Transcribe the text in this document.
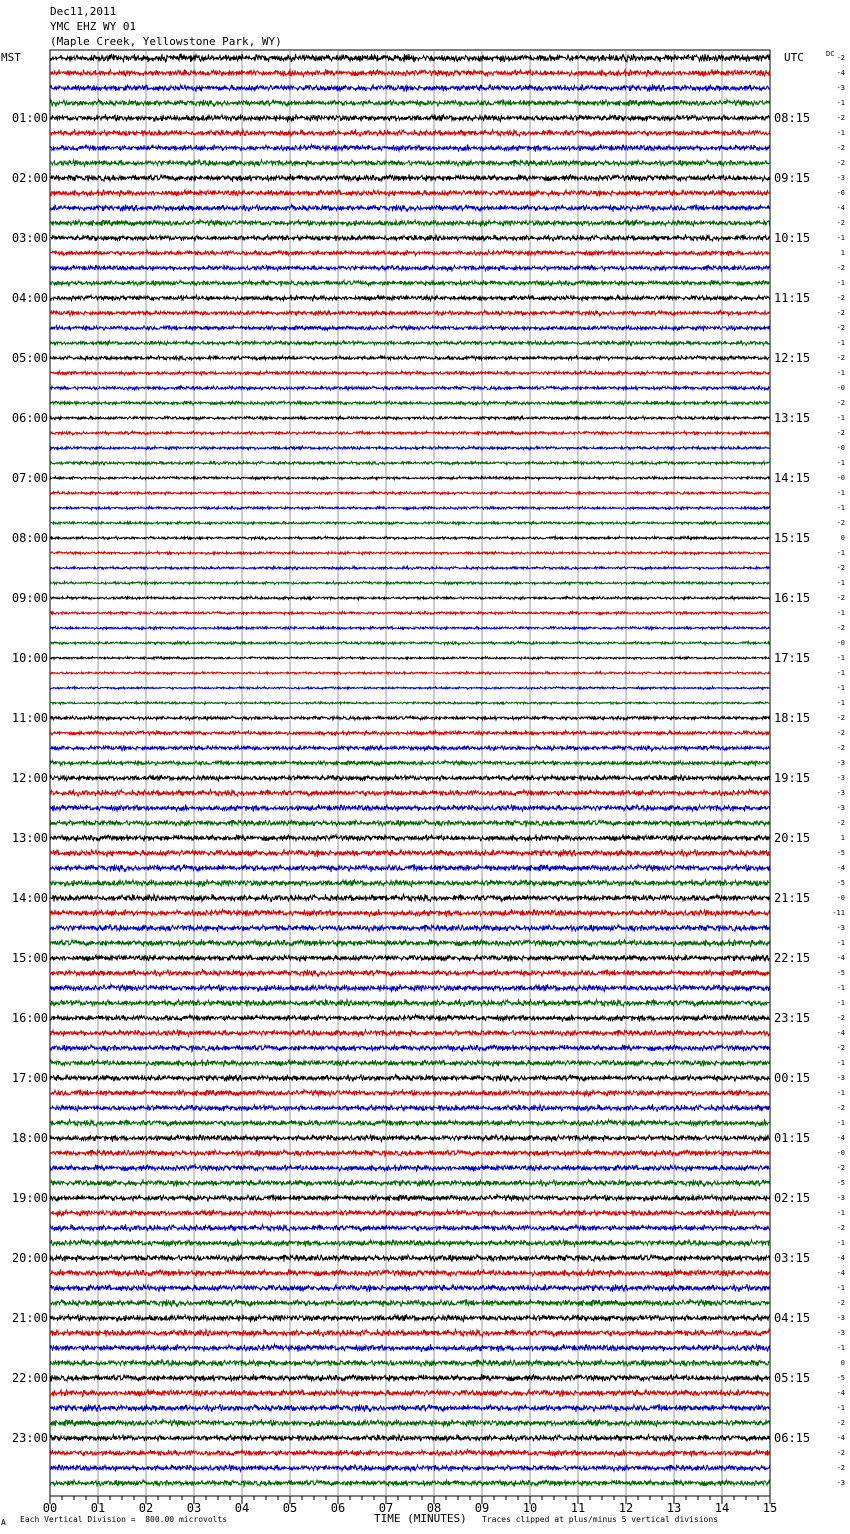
Dec11,2011
YMC EHZ WY 01
(Maple Creek, Yellowstone Park, WY)
MST	UTC
00	01	02	03	04	05	06	07	08	09	10	11	12	13	14	15
-2
-4
-3
-1
-2
-1
-2
-2
-3
-6
-4
-2
-1
1
-2
-1
-2
-2
-2
-1
-2
-1
-0
-2
-1
-2
-0
-1
-0
-1
-1
-2
0
-1
-2
-1
-2
-1
-2
-0
-1
-1
-1
-1
-2
-2
-2
-3
-3
-3
-3
-2
1
-5
-4
-5
-0
-11
-3
-1
-4
-5
-1
-1
-2
-4
-2
-1
-3
-1
-2
-1
-4
-0
-2
-5
-3
-1
-2
-1
-4
-4
-1
-2
-3
-3
-1
0
-5
-4
-1
-2
-4
-2
-2
-3
01:00
02:00
03:00
04:00
05:00
06:00
07:00
08:00
09:00
10:00
11:00
12:00
13:00
14:00
15:00
16:00
17:00
18:00
19:00
20:00
21:00
22:00
23:00
08:15
09:15
10:15
11:15
12:15
13:15
14:15
15:15
16:15
17:15
18:15
19:15
20:15
21:15
22:15
23:15
00:15
01:15
02:15
03:15
04:15
05:15
06:15
DC
A Each Vertical Division =  800.00 microvolts	TIME (MINUTES) Traces clipped at plus/minus 5 vertical divisions
